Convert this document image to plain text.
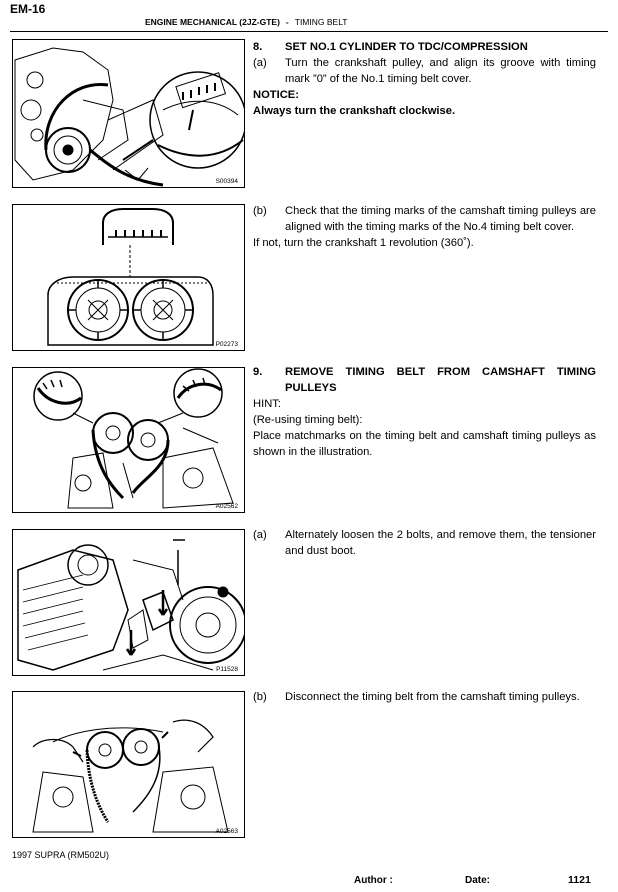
EM-16
ENGINE MECHANICAL (2JZ-GTE) - TIMING BELT
S00394
P02273
A02562
P11528
A02563
8.	SET NO.1 CYLINDER TO TDC/COMPRESSION
(a)	Turn the crankshaft pulley, and align its groove with timing mark ”0” of the No.1 timing belt cover.
NOTICE:
Always turn the crankshaft clockwise.
(b)	Check that the timing marks of the camshaft timing pulleys are aligned with the timing marks of the No.4 timing belt cover.
If not, turn the crankshaft 1 revolution (360˚).
9.	REMOVE TIMING BELT FROM CAMSHAFT TIMING PULLEYS
HINT:
(Re-using timing belt):
Place matchmarks on the timing belt and camshaft timing pulleys as shown in the illustration.
(a)	Alternately loosen the 2 bolts, and remove them, the tensioner and dust boot.
(b)	Disconnect the timing belt from the camshaft timing pulleys.
1997 SUPRA (RM502U)
Author :	Date:	1121
